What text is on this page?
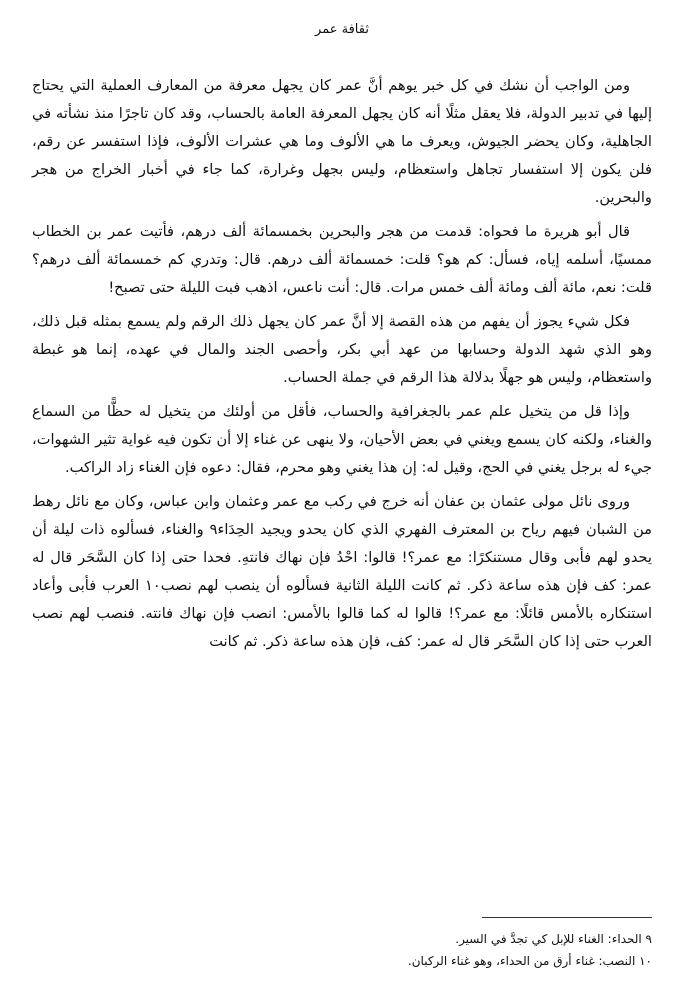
ثقافة عمر

ومن الواجب أن نشك في كل خبر يوهم أنَّ عمر كان يجهل معرفة من المعارف العملية التي يحتاج إليها في تدبير الدولة، فلا يعقل مثلًا أنه كان يجهل المعرفة العامة بالحساب، وقد كان تاجرًا منذ نشأته في الجاهلية، وكان يحضر الجيوش، ويعرف ما هي الألوف وما هي عشرات الألوف، فإذا استفسر عن رقم، فلن يكون إلا استفسار تجاهل واستعظام، وليس بجهل وغرارة، كما جاء في أخبار الخراج من هجر والبحرين.

قال أبو هريرة ما فحواه: قدمت من هجر والبحرين بخمسمائة ألف درهم، فأتيت عمر بن الخطاب ممسيًا، أسلمه إياه، فسأل: كم هو؟ قلت: خمسمائة ألف درهم. قال: وتدري كم خمسمائة ألف درهم؟ قلت: نعم، مائة ألف ومائة ألف خمس مرات. قال: أنت ناعس، اذهب فبت الليلة حتى تصبح!

فكل شيء يجوز أن يفهم من هذه القصة إلا أنَّ عمر كان يجهل ذلك الرقم ولم يسمع بمثله قبل ذلك، وهو الذي شهد الدولة وحسابها من عهد أبي بكر، وأحصى الجند والمال في عهده، إنما هو غبطة واستعظام، وليس هو جهلًا بدلالة هذا الرقم في جملة الحساب.

وإذا قل من يتخيل علم عمر بالجغرافية والحساب، فأقل من أولئك من يتخيل له حظًّا من السماع والغناء، ولكنه كان يسمع ويغني في بعض الأحيان، ولا ينهى عن غناء إلا أن تكون فيه غواية تثير الشهوات، جيء له برجل يغني في الحج، وقيل له: إن هذا يغني وهو محرم، فقال: دعوه فإن الغناء زاد الراكب.

وروى نائل مولى عثمان بن عفان أنه خرج في ركب مع عمر وعثمان وابن عباس، وكان مع نائل رهط من الشبان فيهم رياح بن المعترف الفهري الذي كان يحدو ويجيد الحِدَاء٩ والغناء، فسألوه ذات ليلة أن يحدو لهم فأبى وقال مستنكرًا: مع عمر؟! قالوا: احْدُ فإن نهاك فانتهِ. فحدا حتى إذا كان السَّحَر قال له عمر: كف فإن هذه ساعة ذكر. ثم كانت الليلة الثانية فسألوه أن ينصب لهم نصب١٠ العرب فأبى وأعاد استنكاره بالأمس قائلًا: مع عمر؟! قالوا له كما قالوا بالأمس: انصب فإن نهاك فانته. فنصب لهم نصب العرب حتى إذا كان السَّحَر قال له عمر: كف، فإن هذه ساعة ذكر. ثم كانت

٩ الحداء: الغناء للإبل كي تجدَّ في السير.

١٠ النصب: غناء أرق من الحداء، وهو غناء الركبان.
